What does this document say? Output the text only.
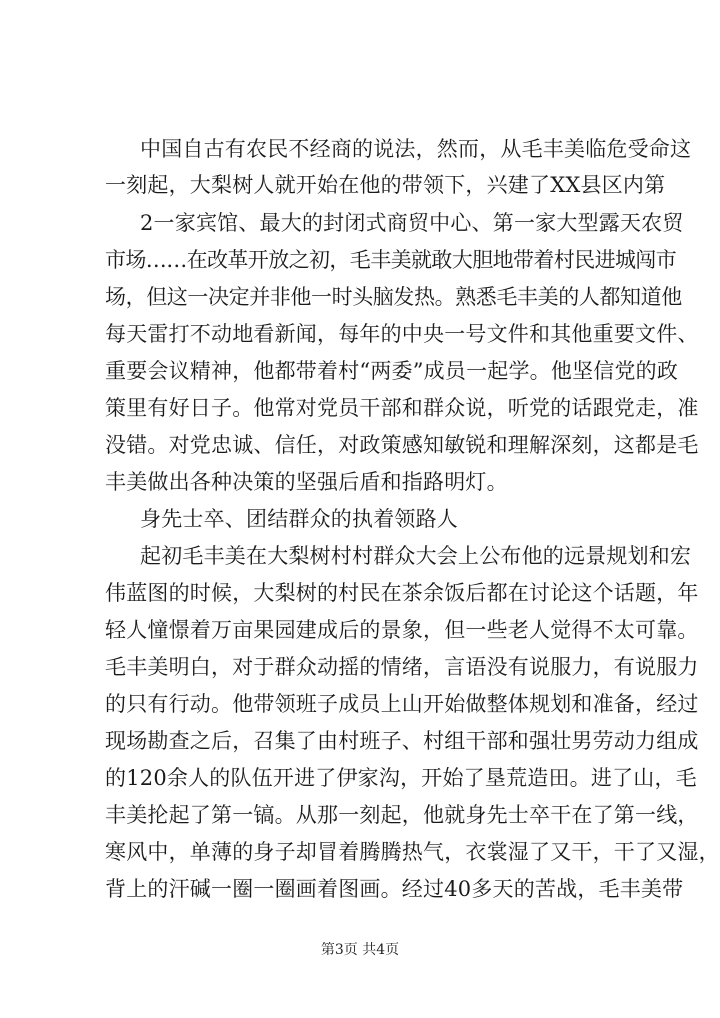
中国自古有农民不经商的说法，然而，从毛丰美临危受命这
一刻起，大梨树人就开始在他的带领下，兴建了XX县区内第
2一家宾馆、最大的封闭式商贸中心、第一家大型露天农贸
市场……在改革开放之初，毛丰美就敢大胆地带着村民进城闯市
场，但这一决定并非他一时头脑发热。熟悉毛丰美的人都知道他
每天雷打不动地看新闻，每年的中央一号文件和其他重要文件、
重要会议精神，他都带着村“两委”成员一起学。他坚信党的政
策里有好日子。他常对党员干部和群众说，听党的话跟党走，准
没错。对党忠诚、信任，对政策感知敏锐和理解深刻，这都是毛
丰美做出各种决策的坚强后盾和指路明灯。
身先士卒、团结群众的执着领路人
起初毛丰美在大梨树村村群众大会上公布他的远景规划和宏
伟蓝图的时候，大梨树的村民在茶余饭后都在讨论这个话题，年
轻人憧憬着万亩果园建成后的景象，但一些老人觉得不太可靠。
毛丰美明白，对于群众动摇的情绪，言语没有说服力，有说服力
的只有行动。他带领班子成员上山开始做整体规划和准备，经过
现场勘查之后，召集了由村班子、村组干部和强壮男劳动力组成
的120余人的队伍开进了伊家沟，开始了垦荒造田。进了山，毛
丰美抡起了第一镐。从那一刻起，他就身先士卒干在了第一线，
寒风中，单薄的身子却冒着腾腾热气，衣裳湿了又干，干了又湿，
背上的汗碱一圈一圈画着图画。经过40多天的苦战，毛丰美带
第3页 共4页
